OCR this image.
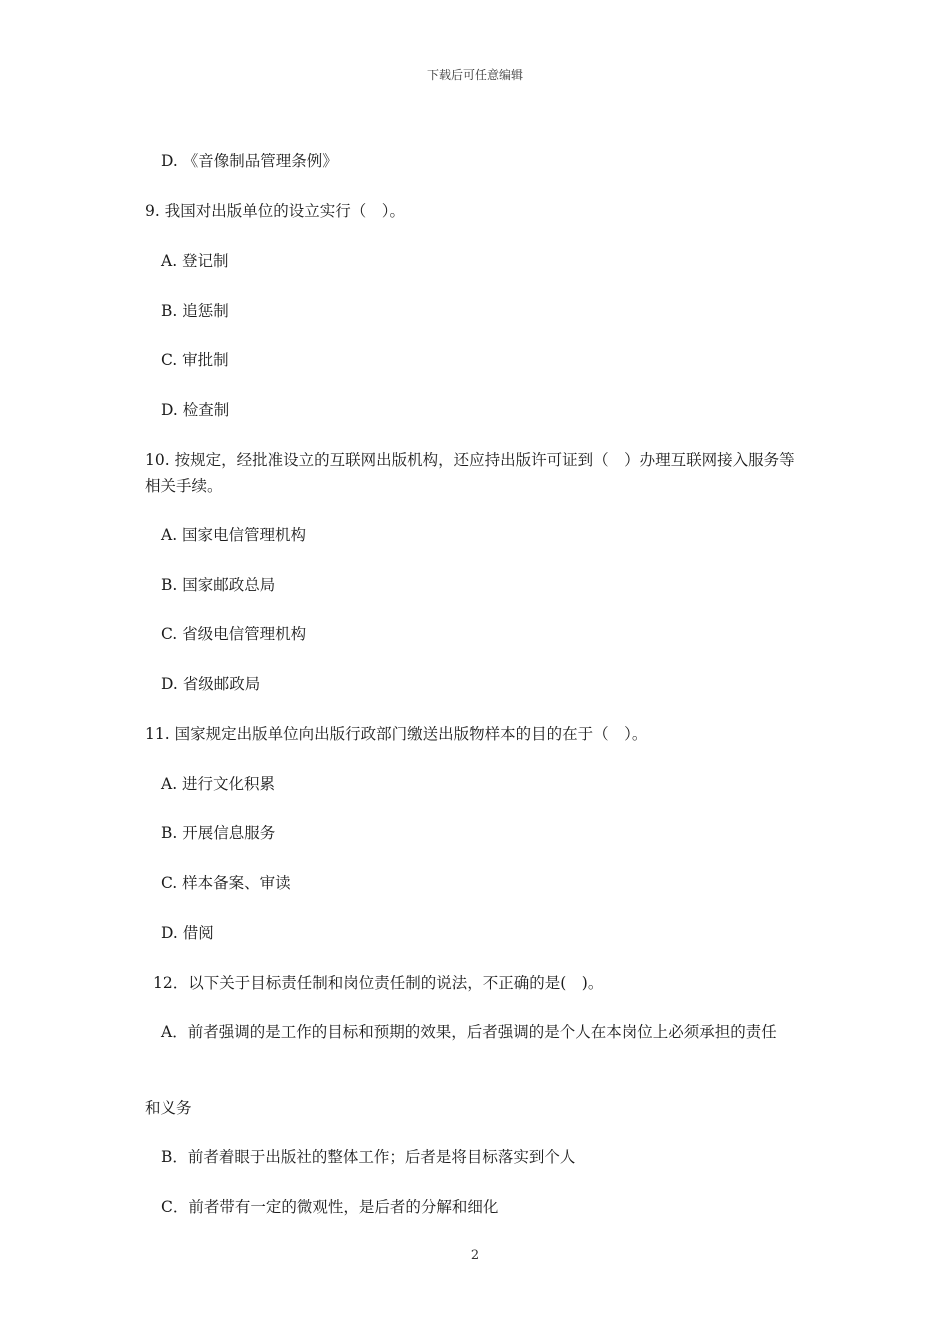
下载后可任意编辑
D. 《音像制品管理条例》
9. 我国对出版单位的设立实行（　）。
A. 登记制
B. 追惩制
C. 审批制
D. 检查制
10. 按规定，经批准设立的互联网出版机构，还应持出版许可证到（　）办理互联网接入服务等相关手续。
A. 国家电信管理机构
B. 国家邮政总局
C. 省级电信管理机构
D. 省级邮政局
11. 国家规定出版单位向出版行政部门缴送出版物样本的目的在于（　）。
A. 进行文化积累
B. 开展信息服务
C. 样本备案、审读
D. 借阅
12．以下关于目标责任制和岗位责任制的说法，不正确的是(　)。
A．前者强调的是工作的目标和预期的效果，后者强调的是个人在本岗位上必须承担的责任
和义务
B．前者着眼于出版社的整体工作；后者是将目标落实到个人
C．前者带有一定的微观性，是后者的分解和细化
2
